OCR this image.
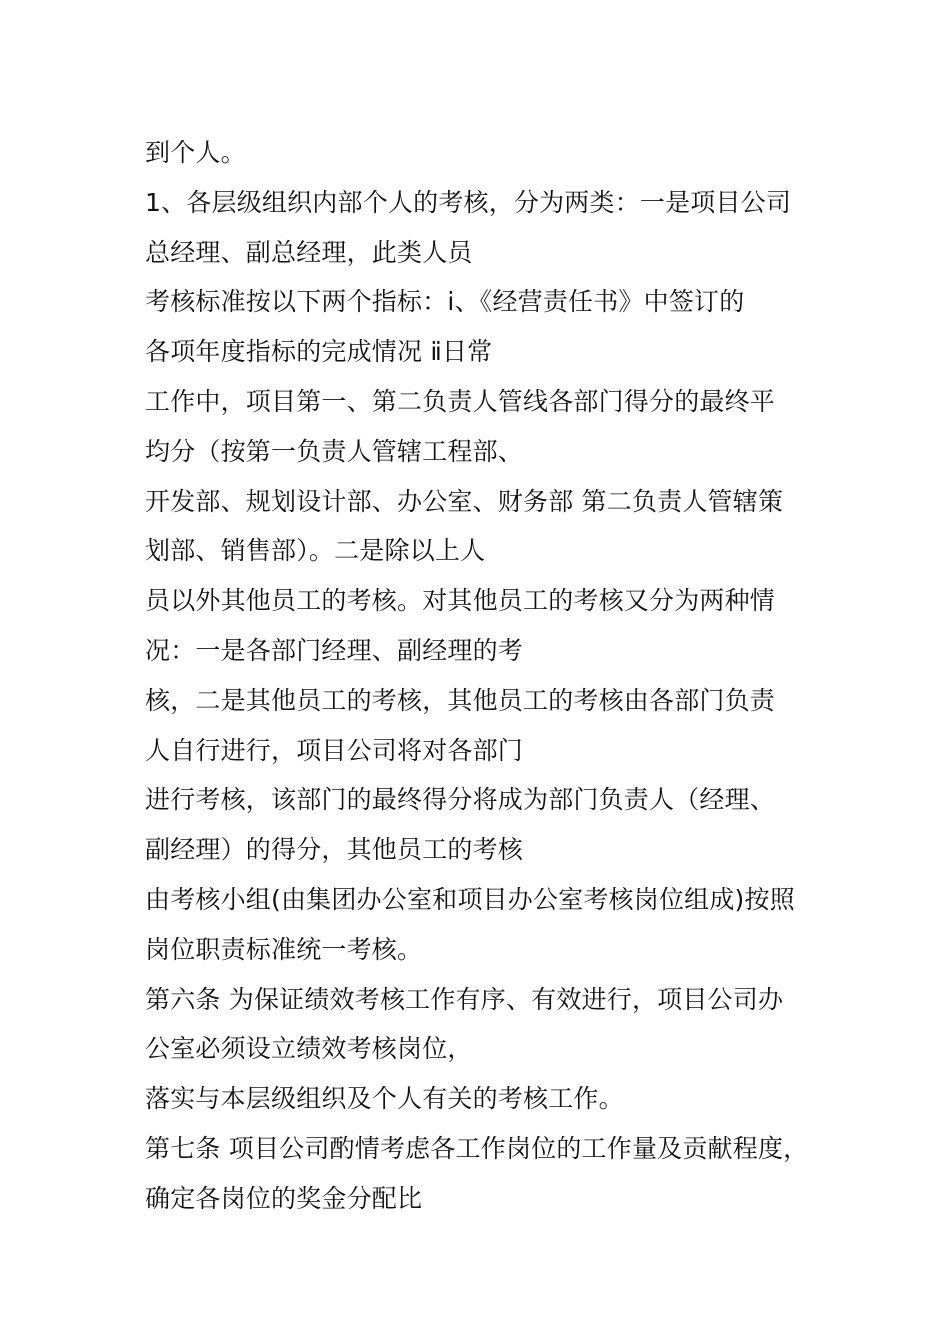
到个人。
1、各层级组织内部个人的考核，分为两类：一是项目公司
总经理、副总经理，此类人员
考核标准按以下两个指标：ⅰ、《经营责任书》中签订的
各项年度指标的完成情况 ⅱ日常
工作中，项目第一、第二负责人管线各部门得分的最终平
均分（按第一负责人管辖工程部、
开发部、规划设计部、办公室、财务部 第二负责人管辖策
划部、销售部）。二是除以上人
员以外其他员工的考核。对其他员工的考核又分为两种情
况：一是各部门经理、副经理的考
核，二是其他员工的考核，其他员工的考核由各部门负责
人自行进行，项目公司将对各部门
进行考核，该部门的最终得分将成为部门负责人（经理、
副经理）的得分，其他员工的考核
由考核小组(由集团办公室和项目办公室考核岗位组成)按照
岗位职责标准统一考核。
第六条 为保证绩效考核工作有序、有效进行，项目公司办
公室必须设立绩效考核岗位，
落实与本层级组织及个人有关的考核工作。
第七条 项目公司酌情考虑各工作岗位的工作量及贡献程度，
确定各岗位的奖金分配比
